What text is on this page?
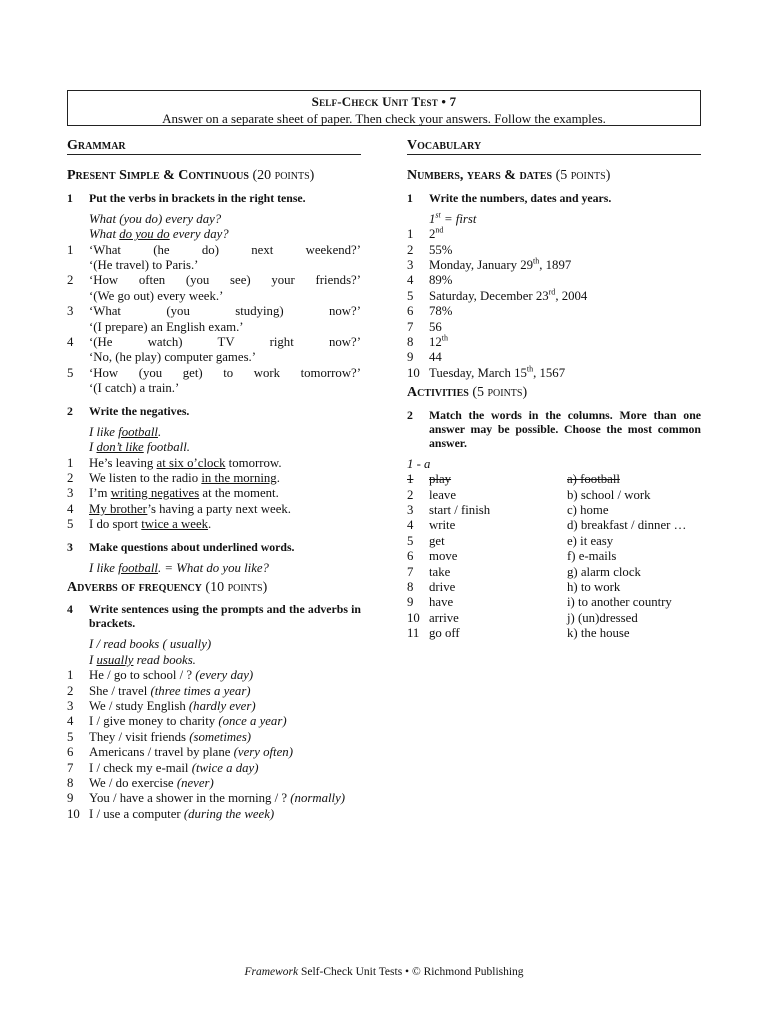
Self-Check Unit Test • 7
Answer on a separate sheet of paper. Then check your answers. Follow the examples.
Grammar
Present Simple & Continuous (20 points)
1	Put the verbs in brackets in the right tense.
What (you do) every day?
What do you do every day?
1	‘What (he do) next weekend?’
‘(He travel) to Paris.’
2	‘How often (you see) your friends?’
‘(We go out) every week.’
3	‘What (you studying) now?’
‘(I prepare) an English exam.’
4	‘(He watch) TV right now?’
‘No, (he play) computer games.’
5	‘How (you get) to work tomorrow?’
‘(I catch) a train.’
2	Write the negatives.
I like football.
I don’t like football.
1	He’s leaving at six o’clock tomorrow.
2	We listen to the radio in the morning.
3	I’m writing negatives at the moment.
4	My brother’s having a party next week.
5	I do sport twice a week.
3	Make questions about underlined words.
I like football. = What do you like?
Adverbs of frequency (10 points)
4	Write sentences using the prompts and the adverbs in brackets.
I / read books ( usually)
I usually read books.
1	He / go to school / ? (every day)
2	She / travel (three times a year)
3	We / study English (hardly ever)
4	I / give money to charity (once a year)
5	They / visit friends (sometimes)
6	Americans / travel by plane (very often)
7	I / check my e-mail (twice a day)
8	We / do exercise (never)
9	You / have a shower in the morning / ? (normally)
10 I / use a computer (during the week)
Vocabulary
Numbers, years & dates (5 points)
1	Write the numbers, dates and years.
1st = first
1	2nd
2	55%
3	Monday, January 29th, 1897
4	89%
5	Saturday, December 23rd, 2004
6	78%
7	56
8	12th
9	44
10 Tuesday, March 15th, 1567
Activities (5 points)
2	Match the words in the columns. More than one answer may be possible. Choose the most common answer.
1 - a
1	play	a) football
2	leave	b) school / work
3	start / finish	c) home
4	write	d) breakfast / dinner …
5	get	e) it easy
6	move	f) e-mails
7	take	g) alarm clock
8	drive	h) to work
9	have	i) to another country
10 arrive	j) (un)dressed
11 go off	k) the house
Framework Self-Check Unit Tests • © Richmond Publishing
